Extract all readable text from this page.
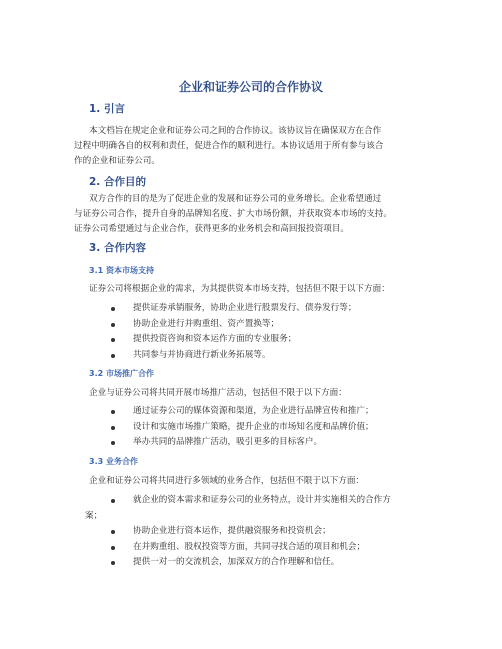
企业和证券公司的合作协议
1. 引言
本文档旨在规定企业和证券公司之间的合作协议。该协议旨在确保双方在合作
过程中明确各自的权利和责任，促进合作的顺利进行。本协议适用于所有参与该合
作的企业和证券公司。
2. 合作目的
双方合作的目的是为了促进企业的发展和证券公司的业务增长。企业希望通过
与证券公司合作，提升自身的品牌知名度、扩大市场份额，并获取资本市场的支持。
证券公司希望通过与企业合作，获得更多的业务机会和高回报投资项目。
3. 合作内容
3.1 资本市场支持
证券公司将根据企业的需求，为其提供资本市场支持，包括但不限于以下方面：
提供证券承销服务，协助企业进行股票发行、债券发行等；
协助企业进行并购重组、资产置换等；
提供投资咨询和资本运作方面的专业服务；
共同参与并协商进行新业务拓展等。
3.2 市场推广合作
企业与证券公司将共同开展市场推广活动，包括但不限于以下方面：
通过证券公司的媒体资源和渠道，为企业进行品牌宣传和推广；
设计和实施市场推广策略，提升企业的市场知名度和品牌价值；
举办共同的品牌推广活动，吸引更多的目标客户。
3.3 业务合作
企业和证券公司将共同进行多领域的业务合作，包括但不限于以下方面：
就企业的资本需求和证券公司的业务特点，设计并实施相关的合作方
案；
协助企业进行资本运作，提供融资服务和投资机会；
在并购重组、股权投资等方面，共同寻找合适的项目和机会；
提供一对一的交流机会，加深双方的合作理解和信任。
